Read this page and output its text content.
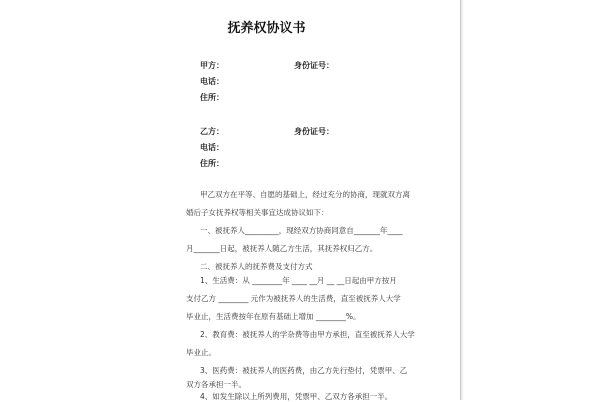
抚养权协议书
甲方：	身份证号：
电话：
住所：
乙方：	身份证号：
电话：
住所：
甲乙双方在平等、自愿的基础上，经过充分的协商，现就双方离
婚后子女抚养权等相关事宜达成协议如下：
一、被抚养人_________，现经双方协商同意自_______年____
月_______日起，被抚养人随乙方生活，其抚养权归乙方。
二、被抚养人的抚养费及支付方式
1、生活费：从 ________年 ____ __月 __ __日起由甲方按月
支付乙方 ________ 元作为被抚养人的生活费，直至被抚养人大学
毕业止，生活费按年在原有基础上增加 ________%。
2、教育费：被抚养人的学杂费等由甲方承担，直至被抚养人大学
毕业止。
3、医药费：被抚养人的医药费，由乙方先行垫付，凭票甲、乙
双方各承担一半。
4、如发生除以上所列费用，凭票甲、乙双方各承担一半。
